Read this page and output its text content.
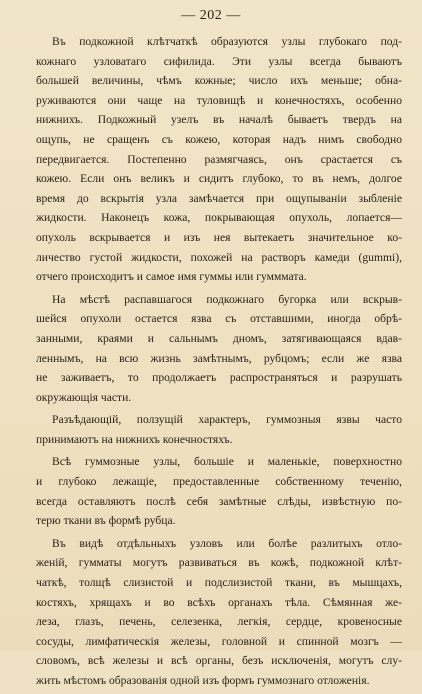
— 202 —
Въ подкожной клѣтчаткѣ образуются узлы глубокаго под-
кожнаго узловатаго сифилида. Эти узлы всегда бываютъ
большей величины, чѣмъ кожные; число ихъ меньше; обна-
руживаются они чаще на туловищѣ и конечностяхъ, особенно
нижнихъ. Подкожный узелъ въ началѣ бываетъ твердъ на
ощупь, не сращенъ съ кожею, которая надъ нимъ свободно
передвигается. Постепенно размягчаясь, онъ срастается съ
кожею. Если онъ великъ и сидитъ глубоко, то въ немъ, долгое
время до вскрытія узла замѣчается при ощупываніи зыбленіе
жидкости. Наконецъ кожа, покрывающая опухоль, лопается—
опухоль вскрывается и изъ нея вытекаетъ значительное ко-
личество густой жидкости, похожей на растворъ камеди (gummi),
отчего происходитъ и самое имя гуммы или гумммата.
На мѣстѣ распавшагося подкожнаго бугорка или вскрыв-
шейся опухоли остается язва съ отставшими, иногда обрѣ-
занными, краями и сальнымъ дномъ, затягивающаяся вдав-
леннымъ, на всю жизнь замѣтнымъ, рубцомъ; если же язва
не заживаетъ, то продолжаетъ распространяться и разрушать
окружающія части.
Разъѣдающій, ползущій характеръ, гуммозныя язвы часто
принимаютъ на нижнихъ конечностяхъ.
Всѣ гуммозные узлы, большіе и маленькіе, поверхностно
и глубоко лежащіе, предоставленные собственному теченію,
всегда оставляютъ послѣ себя замѣтные слѣды, извѣстную по-
терю ткани въ формѣ рубца.
Въ видѣ отдѣльныхъ узловъ или болѣе разлитыхъ отло-
женій, гумматы могутъ развиваться въ кожѣ, подкожной клѣт-
чаткѣ, толщѣ слизистой и подслизистой ткани, въ мышцахъ,
костяхъ, хрящахъ и во всѣхъ органахъ тѣла. Сѣмянная же-
леза, глазъ, печень, селезенка, легкія, сердце, кровеносные
сосуды, лимфатическія железы, головной и спинной мозгъ —
словомъ, всѣ железы и всѣ органы, безъ исключенія, могутъ слу-
жить мѣстомъ образованія одной изъ формъ гуммознаго отложенія.
